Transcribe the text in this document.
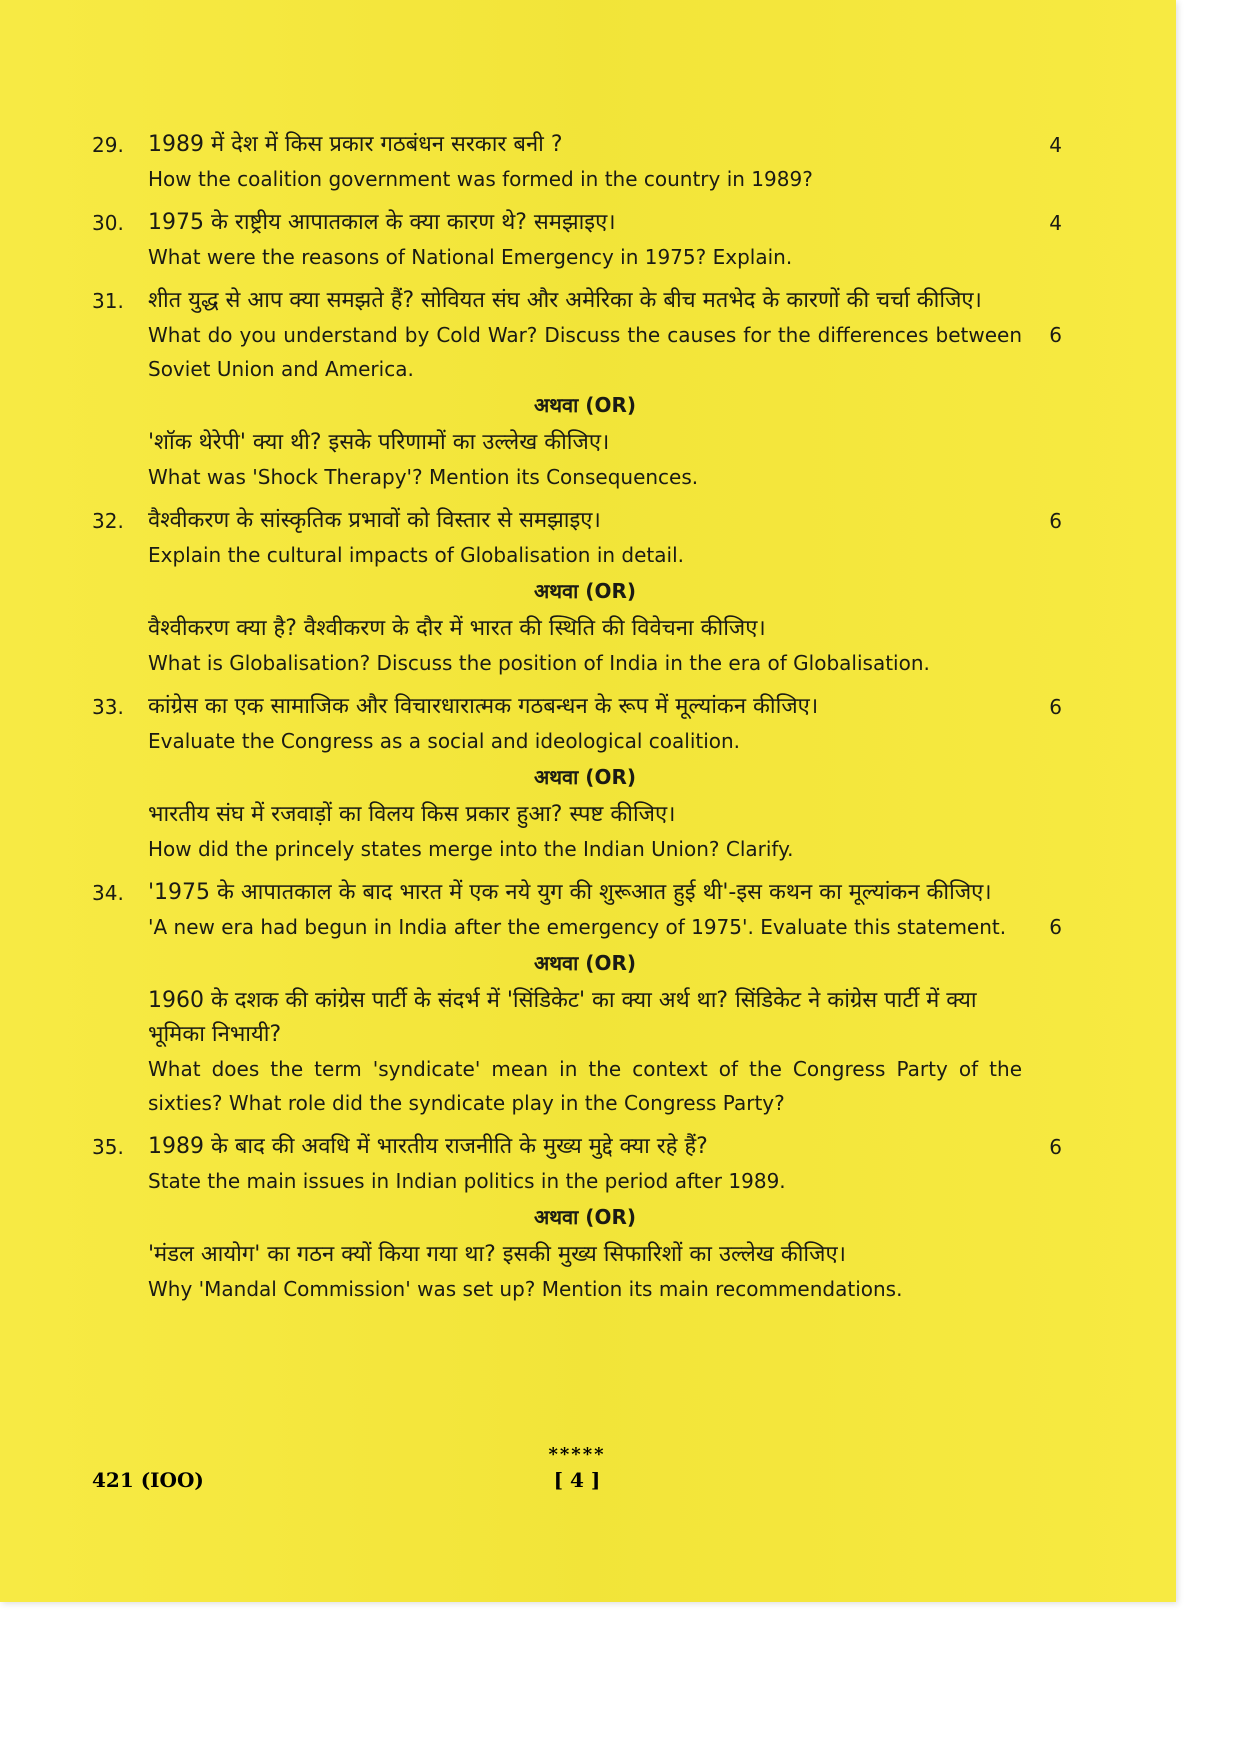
29.	4
1989 में देश में किस प्रकार गठबंधन सरकार बनी ?
How the coalition government was formed in the country in 1989?
30.	4
1975 के राष्ट्रीय आपातकाल के क्या कारण थे? समझाइए।
What were the reasons of National Emergency in 1975? Explain.
31.
6
शीत युद्ध से आप क्या समझते हैं? सोवियत संघ और अमेरिका के बीच मतभेद के कारणों की चर्चा कीजिए।
What do you understand by Cold War? Discuss the causes for the differences between Soviet Union and America.
अथवा (OR)
'शॉक थेरेपी' क्या थी? इसके परिणामों का उल्लेख कीजिए।
What was 'Shock Therapy'? Mention its Consequences.
32.	6
वैश्वीकरण के सांस्कृतिक प्रभावों को विस्तार से समझाइए।
Explain the cultural impacts of Globalisation in detail.
अथवा (OR)
वैश्वीकरण क्या है? वैश्वीकरण के दौर में भारत की स्थिति की विवेचना कीजिए।
What is Globalisation? Discuss the position of India in the era of Globalisation.
33.	6
कांग्रेस का एक सामाजिक और विचारधारात्मक गठबन्धन के रूप में मूल्यांकन कीजिए।
Evaluate the Congress as a social and ideological coalition.
अथवा (OR)
भारतीय संघ में रजवाड़ों का विलय किस प्रकार हुआ? स्पष्ट कीजिए।
How did the princely states merge into the Indian Union? Clarify.
34.
6
'1975 के आपातकाल के बाद भारत में एक नये युग की शुरूआत हुई थी'-इस कथन का मूल्यांकन कीजिए।
'A new era had begun in India after the emergency of 1975'. Evaluate this statement.
अथवा (OR)
1960 के दशक की कांग्रेस पार्टी के संदर्भ में 'सिंडिकेट' का क्या अर्थ था? सिंडिकेट ने कांग्रेस पार्टी में क्या भूमिका निभायी?
What does the term 'syndicate' mean in the context of the Congress Party of the sixties? What role did the syndicate play in the Congress Party?
35.	6
1989 के बाद की अवधि में भारतीय राजनीति के मुख्य मुद्दे क्या रहे हैं?
State the main issues in Indian politics in the period after 1989.
अथवा (OR)
'मंडल आयोग' का गठन क्यों किया गया था? इसकी मुख्य सिफारिशों का उल्लेख कीजिए।
Why 'Mandal Commission' was set up? Mention its main recommendations.
*****
421 (IOO)	[ 4 ]
